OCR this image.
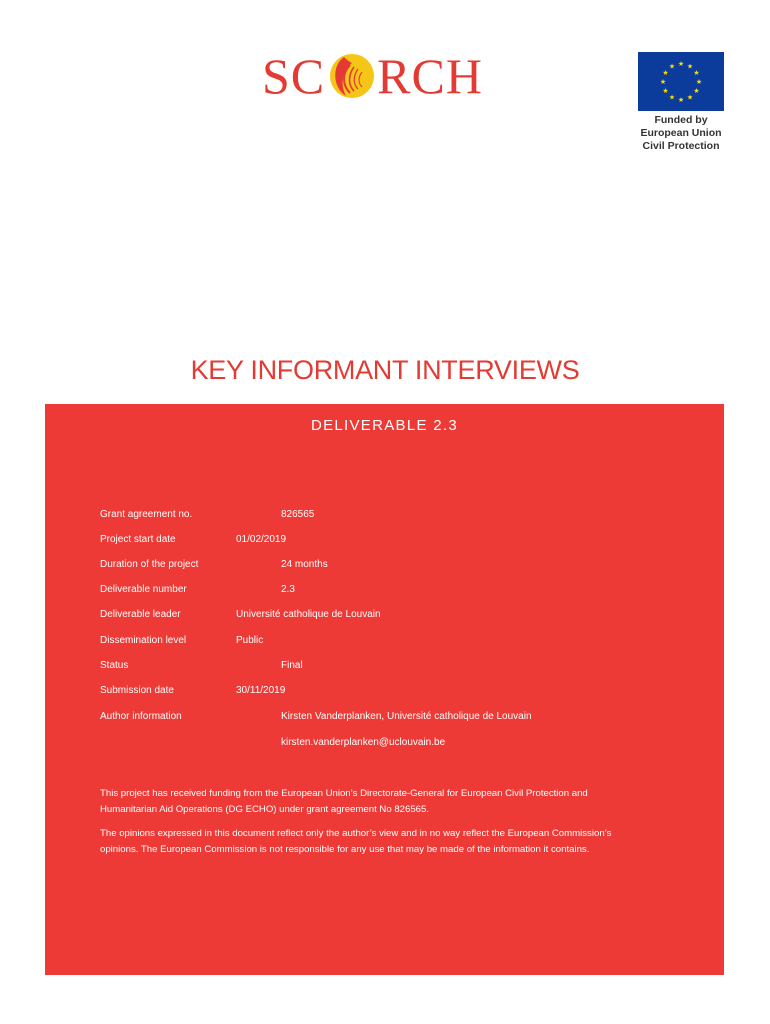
SC RCH	★ ★
★
★
★
★
★
★
★
★
★
★
Funded by
European Union
Civil Protection
KEY INFORMANT INTERVIEWS
DELIVERABLE 2.3
Grant agreement no.	826565
Project start date	01/02/2019
Duration of the project	24 months
Deliverable number	2.3
Deliverable leader	Université catholique de Louvain
Dissemination level	Public
Status	Final
Submission date	30/11/2019
Author information	Kirsten Vanderplanken, Université catholique de Louvain
kirsten.vanderplanken@uclouvain.be
This project has received funding from the European Union’s Directorate-General for European Civil Protection and
Humanitarian Aid Operations (DG ECHO) under grant agreement No 826565.
The opinions expressed in this document reflect only the author’s view and in no way reflect the European Commission’s
opinions. The European Commission is not responsible for any use that may be made of the information it contains.
